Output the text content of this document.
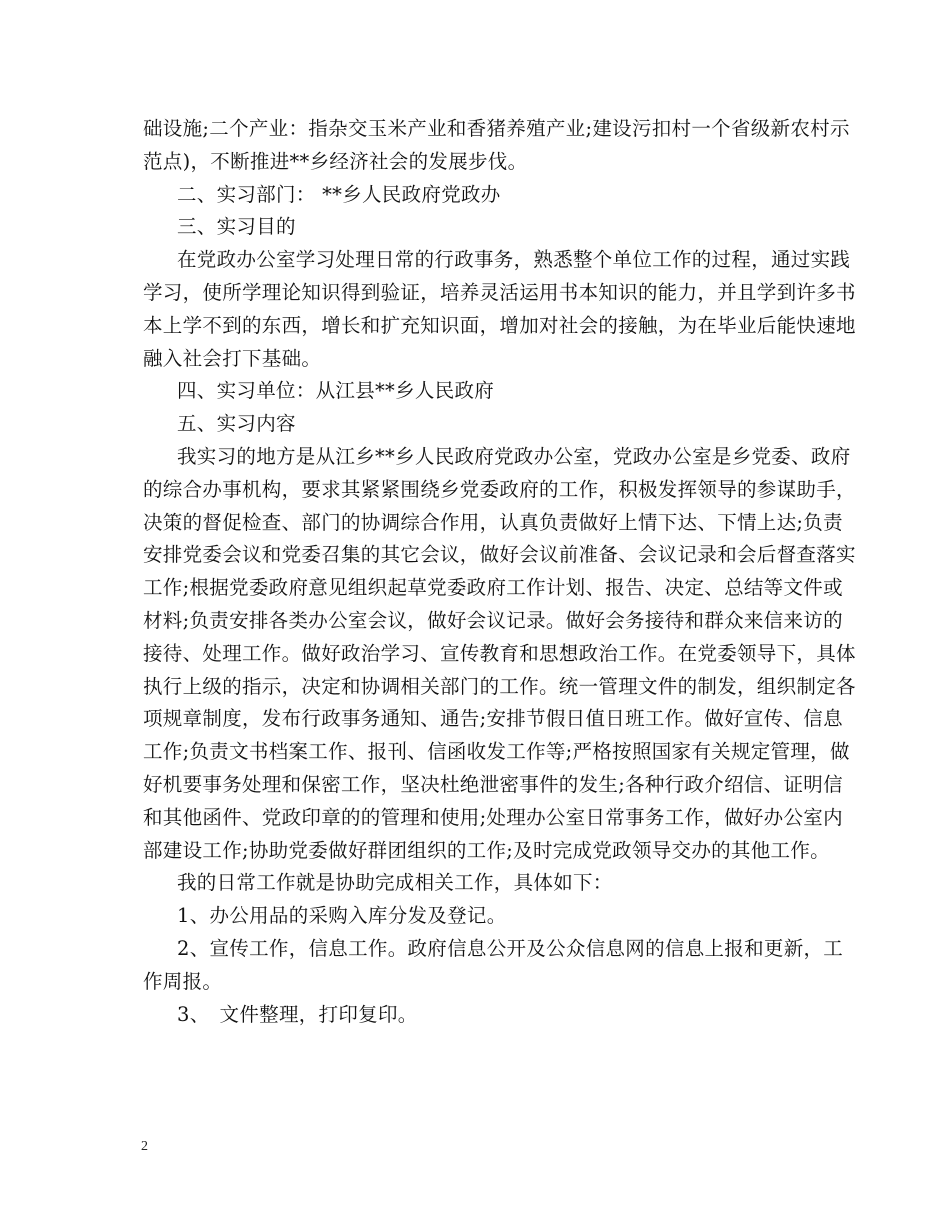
础设施;二个产业：指杂交玉米产业和香猪养殖产业;建设污扣村一个省级新农村示
范点)，不断推进**乡经济社会的发展步伐。
二、实习部门： **乡人民政府党政办
三、实习目的
在党政办公室学习处理日常的行政事务，熟悉整个单位工作的过程，通过实践
学习，使所学理论知识得到验证，培养灵活运用书本知识的能力，并且学到许多书
本上学不到的东西，增长和扩充知识面，增加对社会的接触，为在毕业后能快速地
融入社会打下基础。
四、实习单位：从江县**乡人民政府
五、实习内容
我实习的地方是从江乡**乡人民政府党政办公室，党政办公室是乡党委、政府
的综合办事机构，要求其紧紧围绕乡党委政府的工作，积极发挥领导的参谋助手，
决策的督促检查、部门的协调综合作用，认真负责做好上情下达、下情上达;负责
安排党委会议和党委召集的其它会议，做好会议前准备、会议记录和会后督查落实
工作;根据党委政府意见组织起草党委政府工作计划、报告、决定、总结等文件或
材料;负责安排各类办公室会议，做好会议记录。做好会务接待和群众来信来访的
接待、处理工作。做好政治学习、宣传教育和思想政治工作。在党委领导下，具体
执行上级的指示，决定和协调相关部门的工作。统一管理文件的制发，组织制定各
项规章制度，发布行政事务通知、通告;安排节假日值日班工作。做好宣传、信息
工作;负责文书档案工作、报刊、信函收发工作等;严格按照国家有关规定管理，做
好机要事务处理和保密工作，坚决杜绝泄密事件的发生;各种行政介绍信、证明信
和其他函件、党政印章的的管理和使用;处理办公室日常事务工作，做好办公室内
部建设工作;协助党委做好群团组织的工作;及时完成党政领导交办的其他工作。
我的日常工作就是协助完成相关工作，具体如下：
1、办公用品的采购入库分发及登记。
2、宣传工作，信息工作。政府信息公开及公众信息网的信息上报和更新，工
作周报。
3、　文件整理，打印复印。
2
